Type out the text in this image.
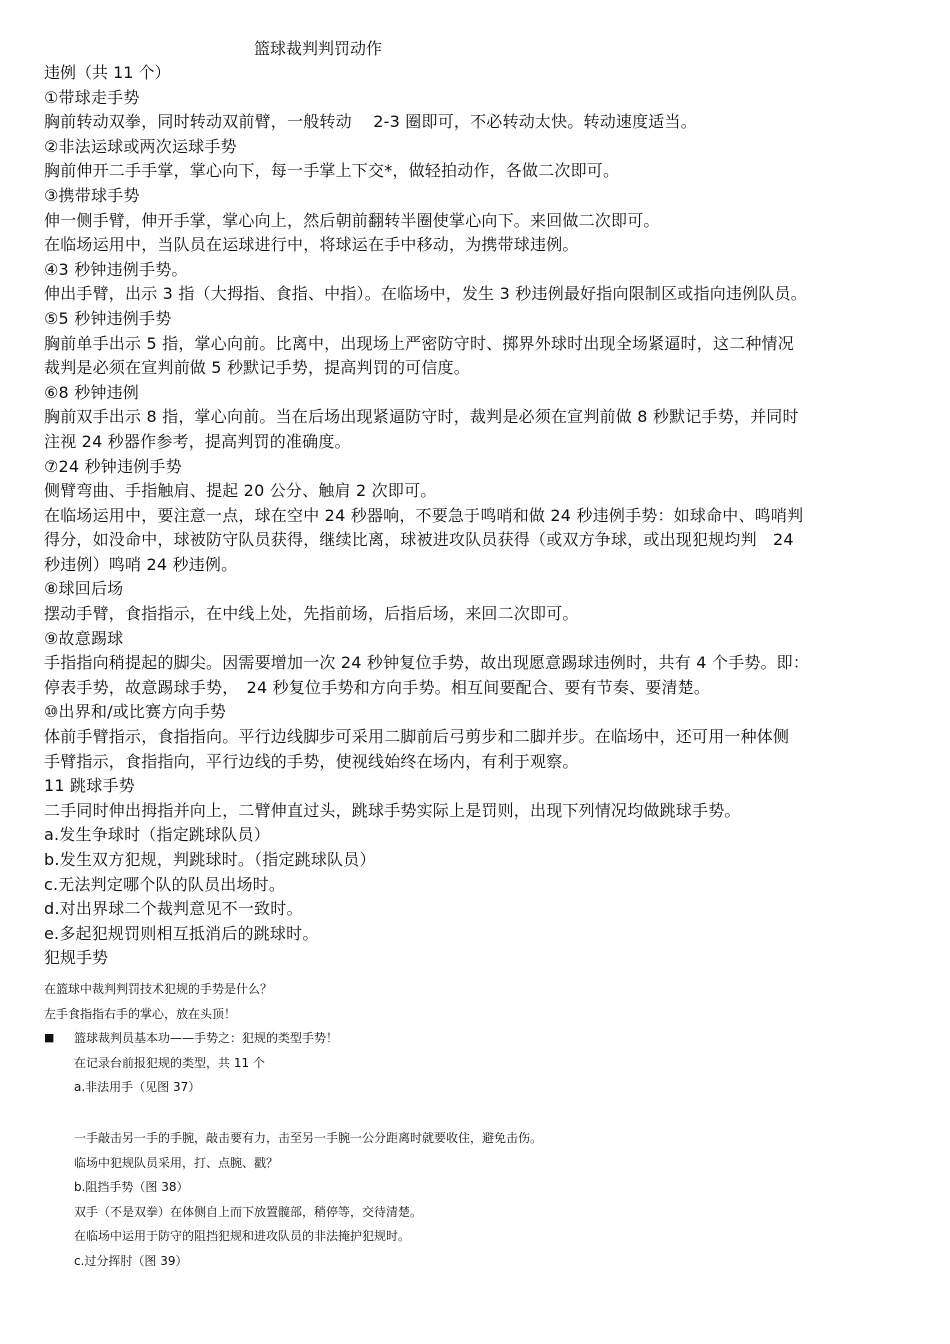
篮球裁判判罚动作

违例（共 11 个）

①带球走手势

胸前转动双拳，同时转动双前臂，一般转动　 2-3 圈即可，不必转动太快。转动速度适当。

②非法运球或两次运球手势

胸前伸开二手手掌，掌心向下，每一手掌上下交*，做轻拍动作，各做二次即可。

③携带球手势

伸一侧手臂，伸开手掌，掌心向上，然后朝前翻转半圈使掌心向下。来回做二次即可。

在临场运用中，当队员在运球进行中，将球运在手中移动，为携带球违例。

④3 秒钟违例手势。

伸出手臂，出示 3 指（大拇指、食指、中指）。在临场中，发生 3 秒违例最好指向限制区或指向违例队员。

⑤5 秒钟违例手势

胸前单手出示 5 指，掌心向前。比离中，出现场上严密防守时、掷界外球时出现全场紧逼时，这二种情况

裁判是必须在宣判前做 5 秒默记手势，提高判罚的可信度。

⑥8 秒钟违例

胸前双手出示 8 指，掌心向前。当在后场出现紧逼防守时，裁判是必须在宣判前做 8 秒默记手势，并同时

注视 24 秒器作参考，提高判罚的准确度。

⑦24 秒钟违例手势

侧臂弯曲、手指触肩、提起 20 公分、触肩 2 次即可。

在临场运用中，要注意一点，球在空中 24 秒器响，不要急于鸣哨和做 24 秒违例手势：如球命中、鸣哨判

得分，如没命中，球被防守队员获得，继续比离，球被进攻队员获得（或双方争球，或出现犯规均判　24

秒违例）鸣哨 24 秒违例。

⑧球回后场

摆动手臂，食指指示，在中线上处，先指前场，后指后场，来回二次即可。

⑨故意踢球

手指指向稍提起的脚尖。因需要增加一次 24 秒钟复位手势，故出现愿意踢球违例时，共有 4 个手势。即：

停表手势，故意踢球手势，　24 秒复位手势和方向手势。相互间要配合、要有节奏、要清楚。

⑩出界和/或比赛方向手势

体前手臂指示，食指指向。平行边线脚步可采用二脚前后弓剪步和二脚并步。在临场中，还可用一种体侧

手臂指示，食指指向，平行边线的手势，使视线始终在场内，有利于观察。

11 跳球手势

二手同时伸出拇指并向上，二臂伸直过头，跳球手势实际上是罚则，出现下列情况均做跳球手势。

a.发生争球时（指定跳球队员）

b.发生双方犯规，判跳球时。（指定跳球队员）

c.无法判定哪个队的队员出场时。

d.对出界球二个裁判意见不一致时。

e.多起犯规罚则相互抵消后的跳球时。

犯规手势

在篮球中裁判判罚技术犯规的手势是什么？

左手食指指右手的掌心，放在头顶！

■	篮球裁判员基本功——手势之：犯规的类型手势！

在记录台前报犯规的类型，共 11 个

a.非法用手（见图 37）

一手敲击另一手的手腕，敲击要有力，击至另一手腕一公分距离时就要收住，避免击伤。

临场中犯规队员采用，打、点腕、戳？

b.阻挡手势（图 38）

双手（不是双拳）在体侧自上而下放置髋部，稍停等，交待清楚。

在临场中运用于防守的阻挡犯规和进攻队员的非法掩护犯规时。

c.过分挥肘（图 39）
